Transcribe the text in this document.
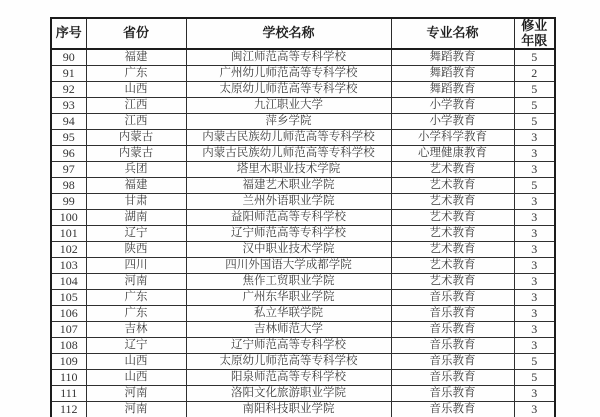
序号	省份	学校名称	专业名称	修业年限
90	福建	闽江师范高等专科学校	舞蹈教育	5
91	广东	广州幼儿师范高等专科学校	舞蹈教育	2
92	山西	太原幼儿师范高等专科学校	舞蹈教育	5
93	江西	九江职业大学	小学教育	5
94	江西	萍乡学院	小学教育	5
95	内蒙古	内蒙古民族幼儿师范高等专科学校	小学科学教育	3
96	内蒙古	内蒙古民族幼儿师范高等专科学校	心理健康教育	3
97	兵团	塔里木职业技术学院	艺术教育	3
98	福建	福建艺术职业学院	艺术教育	5
99	甘肃	兰州外语职业学院	艺术教育	3
100	湖南	益阳师范高等专科学校	艺术教育	3
101	辽宁	辽宁师范高等专科学校	艺术教育	3
102	陕西	汉中职业技术学院	艺术教育	3
103	四川	四川外国语大学成都学院	艺术教育	3
104	河南	焦作工贸职业学院	艺术教育	3
105	广东	广州东华职业学院	音乐教育	3
106	广东	私立华联学院	音乐教育	3
107	吉林	吉林师范大学	音乐教育	3
108	辽宁	辽宁师范高等专科学校	音乐教育	3
109	山西	太原幼儿师范高等专科学校	音乐教育	5
110	山西	阳泉师范高等专科学校	音乐教育	5
111	河南	洛阳文化旅游职业学院	音乐教育	3
112	河南	南阳科技职业学院	音乐教育	3
